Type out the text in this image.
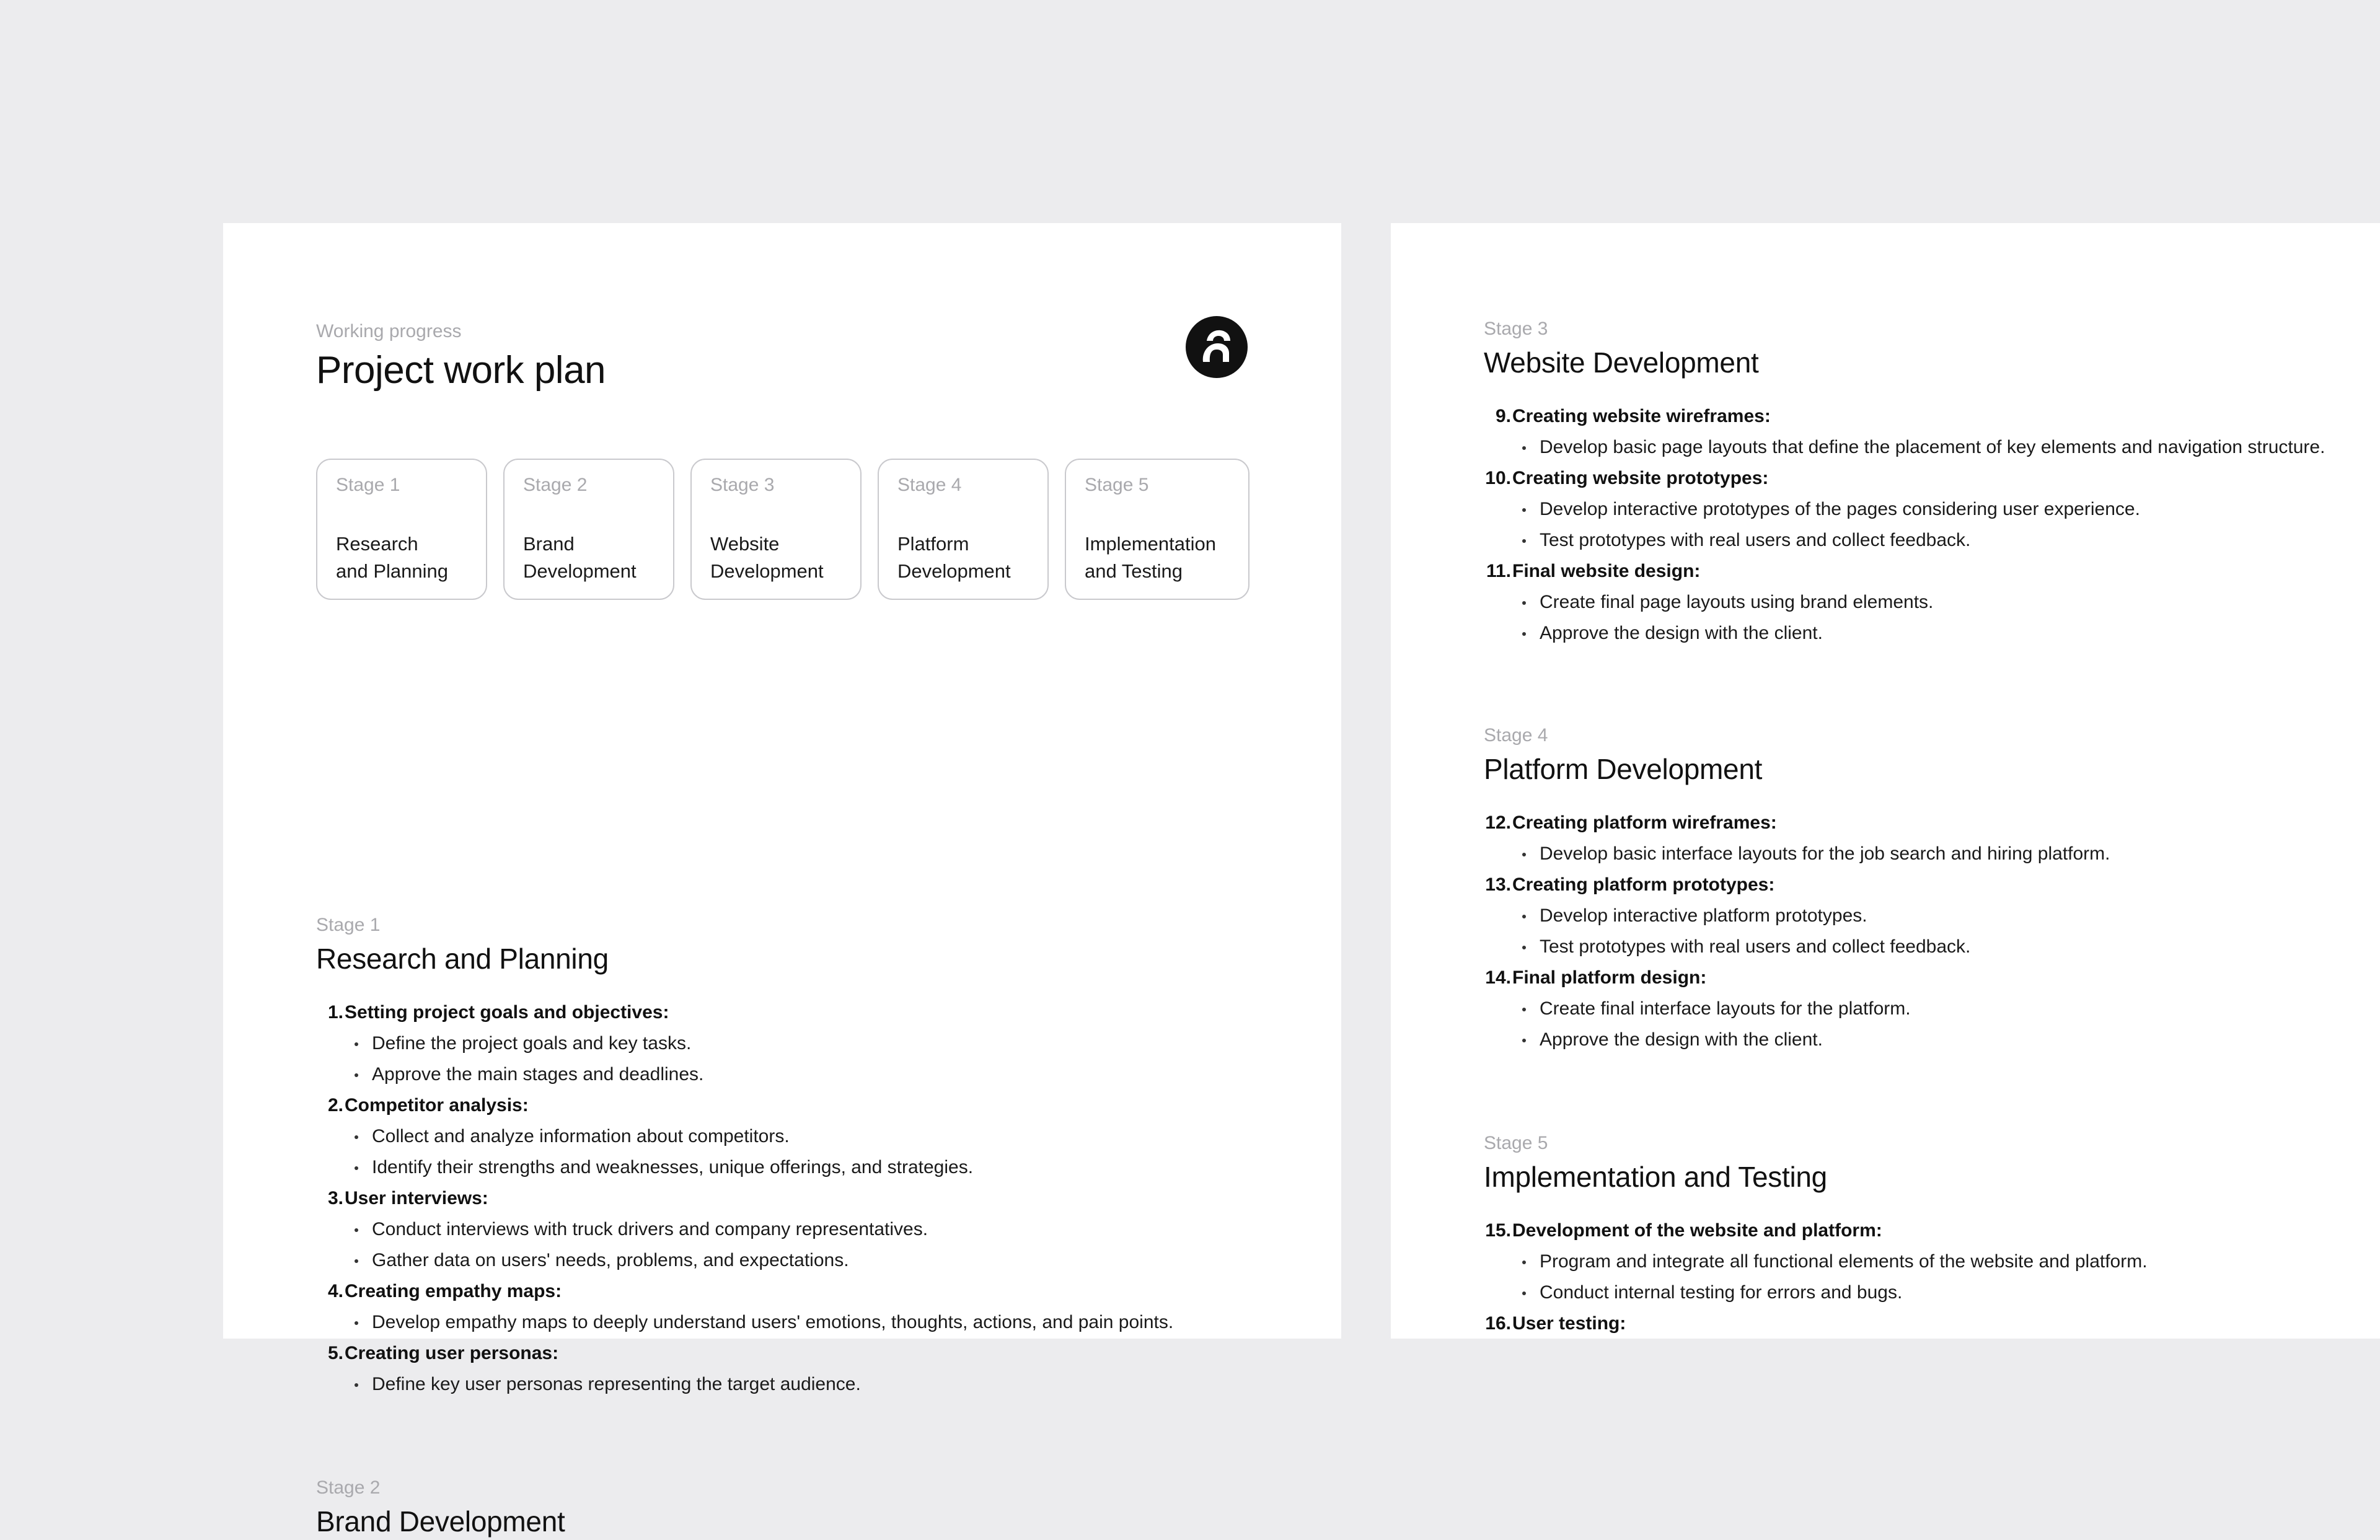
Working progress
Project work plan
Stage 1
Research
and Planning
Stage 2
Brand
Development
Stage 3
Website
Development
Stage 4
Platform
Development
Stage 5
Implementation
and Testing
Stage 1
Research and Planning
1. Setting project goals and objectives:
Define the project goals and key tasks.
Approve the main stages and deadlines.
2. Competitor analysis:
Collect and analyze information about competitors.
Identify their strengths and weaknesses, unique offerings, and strategies.
3. User interviews:
Conduct interviews with truck drivers and company representatives.
Gather data on users' needs, problems, and expectations.
4. Creating empathy maps:
Develop empathy maps to deeply understand users' emotions, thoughts, actions, and pain points.
5. Creating user personas:
Define key user personas representing the target audience.
Stage 2
Brand Development
Stage 3
Website Development
9. Creating website wireframes:
Develop basic page layouts that define the placement of key elements and navigation structure.
10. Creating website prototypes:
Develop interactive prototypes of the pages considering user experience.
Test prototypes with real users and collect feedback.
11. Final website design:
Create final page layouts using brand elements.
Approve the design with the client.
Stage 4
Platform Development
12. Creating platform wireframes:
Develop basic interface layouts for the job search and hiring platform.
13. Creating platform prototypes:
Develop interactive platform prototypes.
Test prototypes with real users and collect feedback.
14. Final platform design:
Create final interface layouts for the platform.
Approve the design with the client.
Stage 5
Implementation and Testing
15. Development of the website and platform:
Program and integrate all functional elements of the website and platform.
Conduct internal testing for errors and bugs.
16. User testing:
